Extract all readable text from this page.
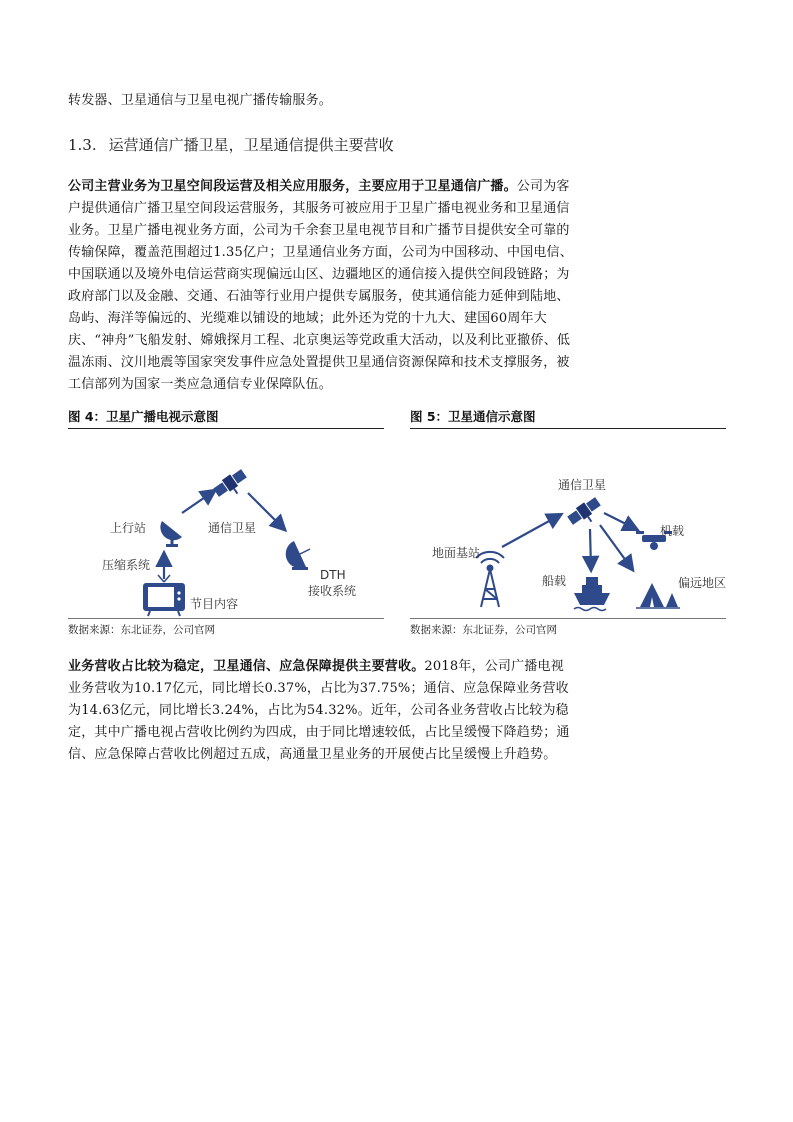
转发器、卫星通信与卫星电视广播传输服务。

1.3. 运营通信广播卫星，卫星通信提供主要营收

公司主营业务为卫星空间段运营及相关应用服务，主要应用于卫星通信广播。公司为客户提供通信广播卫星空间段运营服务，其服务可被应用于卫星广播电视业务和卫星通信业务。卫星广播电视业务方面，公司为千余套卫星电视节目和广播节目提供安全可靠的传输保障，覆盖范围超过1.35亿户；卫星通信业务方面，公司为中国移动、中国电信、中国联通以及境外电信运营商实现偏远山区、边疆地区的通信接入提供空间段链路；为政府部门以及金融、交通、石油等行业用户提供专属服务，使其通信能力延伸到陆地、岛屿、海洋等偏远的、光缆难以铺设的地域；此外还为党的十九大、建国60周年大庆、“神舟”飞船发射、嫦娥探月工程、北京奥运等党政重大活动，以及利比亚撤侨、低温冻雨、汶川地震等国家突发事件应急处置提供卫星通信资源保障和技术支撑服务，被工信部列为国家一类应急通信专业保障队伍。

图 4：卫星广播电视示意图
上行站	通信卫星
压缩系统
DTH
接收系统
节目内容
数据来源：东北证券，公司官网
图 5：卫星通信示意图
通信卫星
地面基站
机载
船载	偏远地区
数据来源：东北证券，公司官网

业务营收占比较为稳定，卫星通信、应急保障提供主要营收。2018年，公司广播电视业务营收为10.17亿元，同比增长0.37%，占比为37.75%；通信、应急保障业务营收为14.63亿元，同比增长3.24%，占比为54.32%。近年，公司各业务营收占比较为稳定，其中广播电视占营收比例约为四成，由于同比增速较低，占比呈缓慢下降趋势；通信、应急保障占营收比例超过五成，高通量卫星业务的开展使占比呈缓慢上升趋势。
